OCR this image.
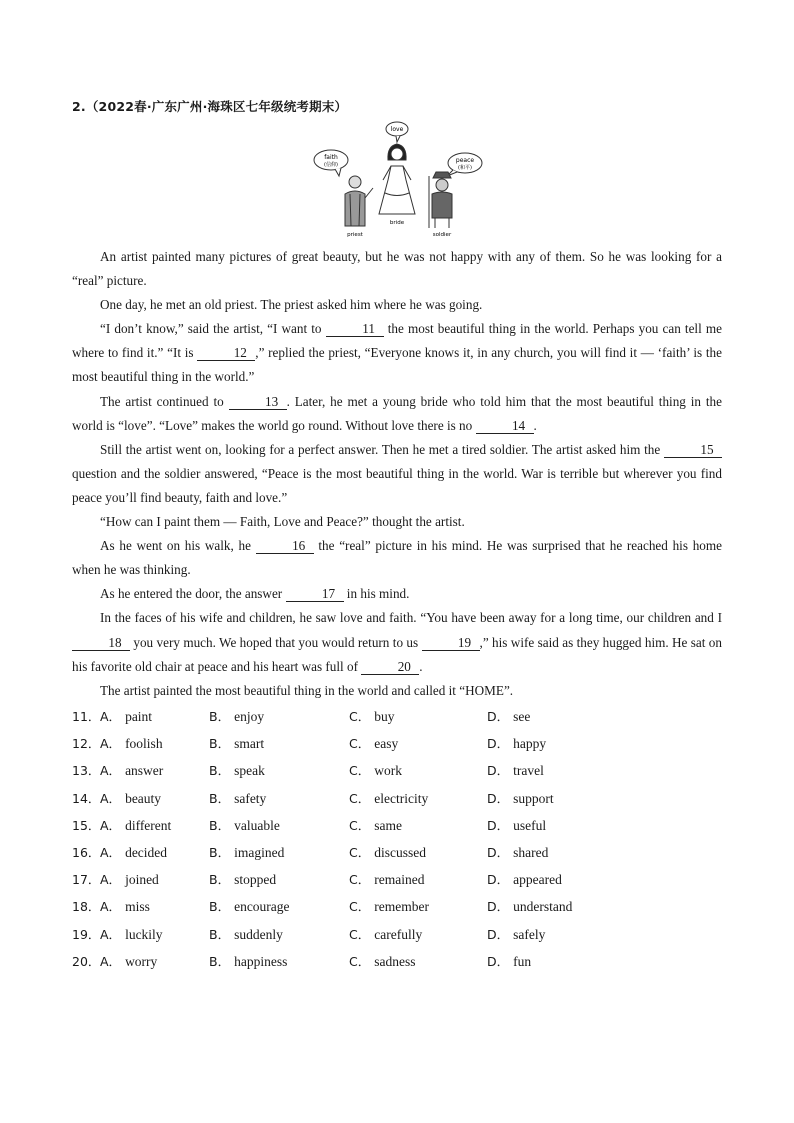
2.（2022春·广东广州·海珠区七年级统考期末）
faith
(信仰)
priest
love
bride
peace
(和平)
soldier

An artist painted many pictures of great beauty, but he was not happy with any of them. So he was looking for a “real” picture.

One day, he met an old priest. The priest asked him where he was going.

“I don’t know,” said the artist, “I want to	11 the most beautiful thing in the world. Perhaps you can tell me where to find it.” “It is	12 ,” replied the priest, “Everyone knows it, in any church, you will find it — ‘faith’ is the most beautiful thing in the world.”

The artist continued to	13 . Later, he met a young bride who told him that the most beautiful thing in the world is “love”. “Love” makes the world go round. Without love there is no	14 .

Still the artist went on, looking for a perfect answer. Then he met a tired soldier. The artist asked him the	15 question and the soldier answered, “Peace is the most beautiful thing in the world. War is terrible but wherever you find peace you’ll find beauty, faith and love.”

“How can I paint them — Faith, Love and Peace?” thought the artist.

As he went on his walk, he	16 the “real” picture in his mind. He was surprised that he reached his home when he was thinking.

As he entered the door, the answer	17 in his mind.

In the faces of his wife and children, he saw love and faith. “You have been away for a long time, our children and I 18 you very much. We hoped that you would return to us	19 ,” his wife said as they hugged him. He sat on his favorite old chair at peace and his heart was full of	20 .

The artist painted the most beautiful thing in the world and called it “HOME”.

11． A． paint	B． enjoy	C． buy	D． see
12． A． foolish	B． smart	C． easy	D． happy
13． A． answer	B． speak	C． work	D． travel
14． A． beauty	B． safety	C． electricity	D． support
15． A． different	B． valuable	C． same	D． useful
16． A． decided	B． imagined	C． discussed	D． shared
17． A． joined	B． stopped	C． remained	D． appeared
18． A． miss	B． encourage	C． remember	D． understand
19． A． luckily	B． suddenly	C． carefully	D． safely
20． A． worry	B． happiness	C． sadness	D． fun
